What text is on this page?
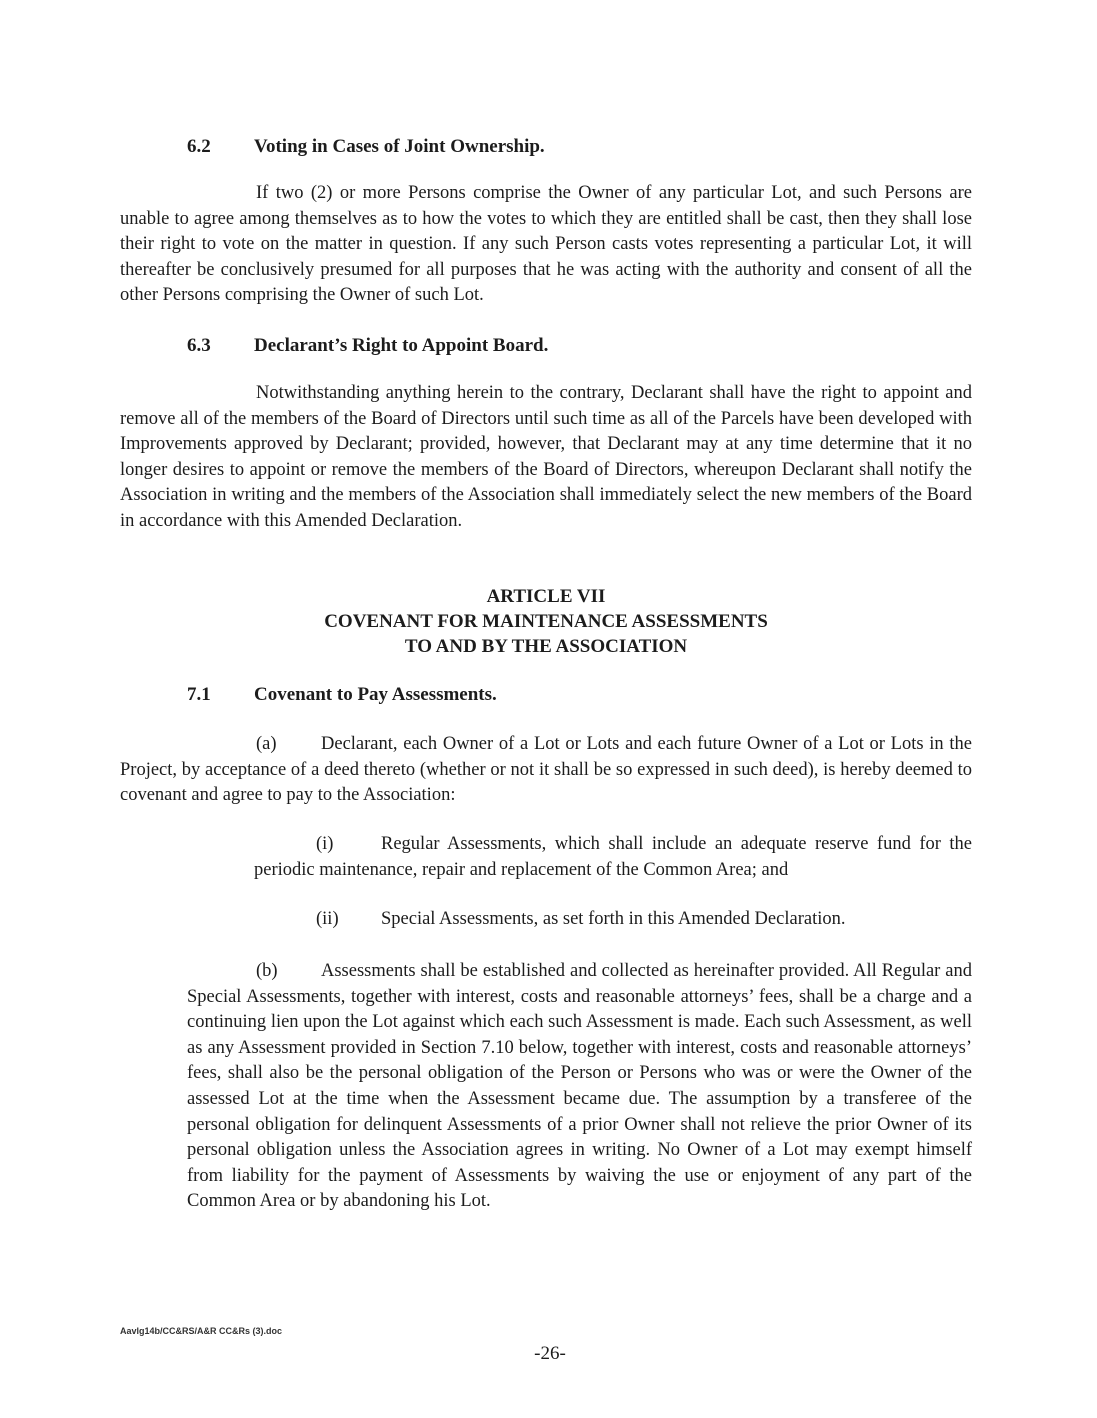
6.2 Voting in Cases of Joint Ownership.
If two (2) or more Persons comprise the Owner of any particular Lot, and such Persons are unable to agree among themselves as to how the votes to which they are entitled shall be cast, then they shall lose their right to vote on the matter in question. If any such Person casts votes representing a particular Lot, it will thereafter be conclusively presumed for all purposes that he was acting with the authority and consent of all the other Persons comprising the Owner of such Lot.
6.3 Declarant’s Right to Appoint Board.
Notwithstanding anything herein to the contrary, Declarant shall have the right to appoint and remove all of the members of the Board of Directors until such time as all of the Parcels have been developed with Improvements approved by Declarant; provided, however, that Declarant may at any time determine that it no longer desires to appoint or remove the members of the Board of Directors, whereupon Declarant shall notify the Association in writing and the members of the Association shall immediately select the new members of the Board in accordance with this Amended Declaration.
ARTICLE VII
COVENANT FOR MAINTENANCE ASSESSMENTS
TO AND BY THE ASSOCIATION
7.1 Covenant to Pay Assessments.
(a) Declarant, each Owner of a Lot or Lots and each future Owner of a Lot or Lots in the Project, by acceptance of a deed thereto (whether or not it shall be so expressed in such deed), is hereby deemed to covenant and agree to pay to the Association:
(i)	Regular Assessments, which shall include an adequate reserve fund for the periodic maintenance, repair and replacement of the Common Area; and
(ii) Special Assessments, as set forth in this Amended Declaration.
(b) Assessments shall be established and collected as hereinafter provided. All Regular and Special Assessments, together with interest, costs and reasonable attorneys’ fees, shall be a charge and a continuing lien upon the Lot against which each such Assessment is made. Each such Assessment, as well as any Assessment provided in Section 7.10 below, together with interest, costs and reasonable attorneys’ fees, shall also be the personal obligation of the Person or Persons who was or were the Owner of the assessed Lot at the time when the Assessment became due. The assumption by a transferee of the personal obligation for delinquent Assessments of a prior Owner shall not relieve the prior Owner of its personal obligation unless the Association agrees in writing. No Owner of a Lot may exempt himself from liability for the payment of Assessments by waiving the use or enjoyment of any part of the Common Area or by abandoning his Lot.
Aavlg14b/CC&RS/A&R CC&Rs (3).doc
-26-
